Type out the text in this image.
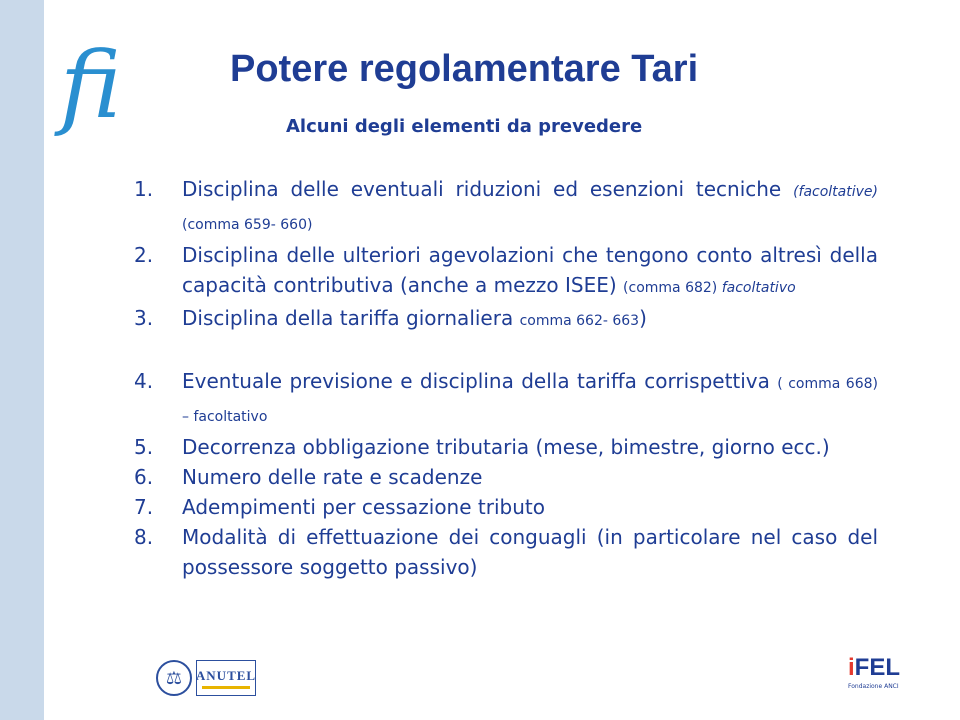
fi	Potere regolamentare Tari
Alcuni degli elementi da prevedere
1.	Disciplina delle eventuali riduzioni ed esenzioni tecniche (facoltative) (comma 659- 660)
2.	Disciplina delle ulteriori agevolazioni che tengono conto altresì della capacità contributiva (anche a mezzo ISEE) (comma 682) facoltativo
3.	Disciplina della tariffa giornaliera comma 662- 663)
4.	Eventuale previsione e disciplina della tariffa corrispettiva ( comma 668) – facoltativo
5.	Decorrenza obbligazione tributaria (mese, bimestre, giorno ecc.)
6.	Numero delle rate e scadenze
7.	Adempimenti per cessazione tributo
8.	Modalità di effettuazione dei conguagli (in particolare nel caso del possessore soggetto passivo)
⚖	ANUTEL	iFEL
Fondazione ANCI
